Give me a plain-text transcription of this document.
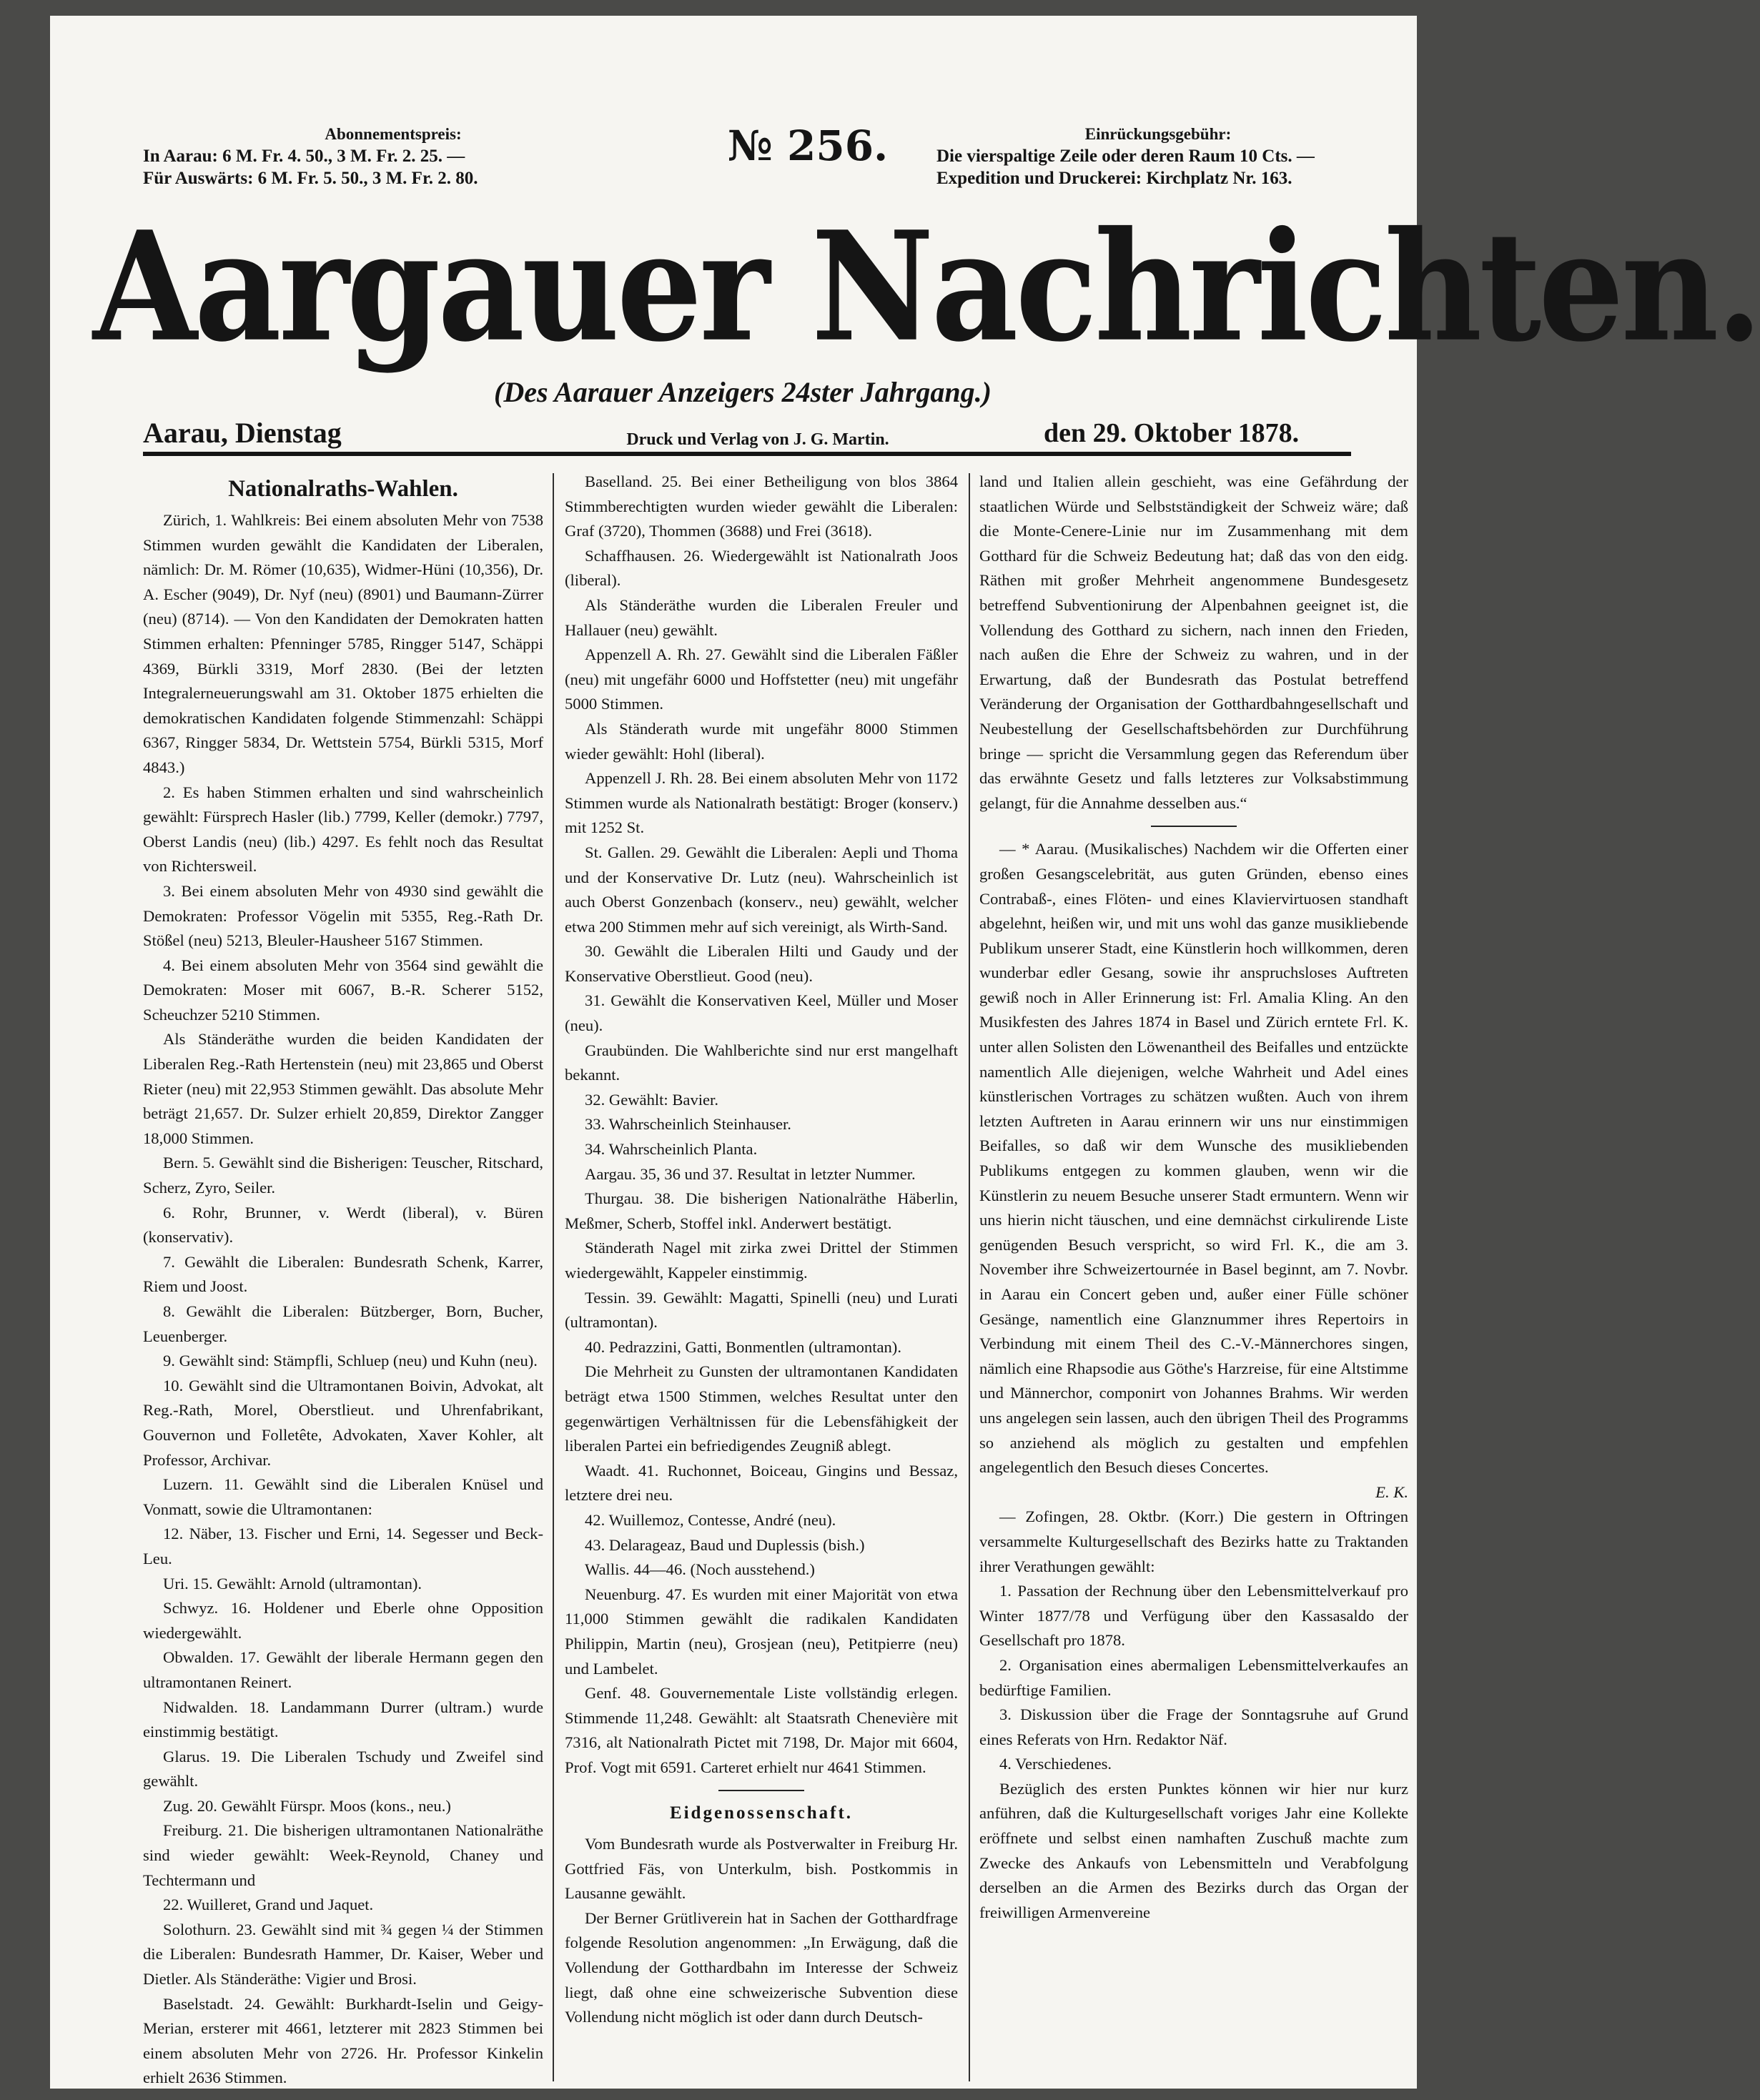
Abonnementspreis:
In Aarau: 6 M. Fr. 4. 50., 3 M. Fr. 2. 25. —
Für Auswärts: 6 M. Fr. 5. 50., 3 M. Fr. 2. 80.
№ 256.	Einrückungsgebühr:
Die vierspaltige Zeile oder deren Raum 10 Cts. —
Expedition und Druckerei: Kirchplatz Nr. 163.
Aargauer Nachrichten.
(Des Aarauer Anzeigers 24ster Jahrgang.)
Aarau, Dienstag	Druck und Verlag von J. G. Martin.	den 29. Oktober 1878.
Nationalraths-Wahlen.

Zürich, 1. Wahlkreis: Bei einem absoluten Mehr von 7538 Stimmen wurden gewählt die Kandidaten der Liberalen, nämlich: Dr. M. Römer (10,635), Widmer-Hüni (10,356), Dr. A. Escher (9049), Dr. Nyf (neu) (8901) und Baumann-Zürrer (neu) (8714). — Von den Kandidaten der Demokraten hatten Stimmen erhalten: Pfenninger 5785, Ringger 5147, Schäppi 4369, Bürkli 3319, Morf 2830. (Bei der letzten Integralerneuerungswahl am 31. Oktober 1875 erhielten die demokratischen Kandidaten folgende Stimmenzahl: Schäppi 6367, Ringger 5834, Dr. Wettstein 5754, Bürkli 5315, Morf 4843.)

2. Es haben Stimmen erhalten und sind wahrscheinlich gewählt: Fürsprech Hasler (lib.) 7799, Keller (demokr.) 7797, Oberst Landis (neu) (lib.) 4297. Es fehlt noch das Resultat von Richtersweil.

3. Bei einem absoluten Mehr von 4930 sind gewählt die Demokraten: Professor Vögelin mit 5355, Reg.-Rath Dr. Stößel (neu) 5213, Bleuler-Hausheer 5167 Stimmen.

4. Bei einem absoluten Mehr von 3564 sind gewählt die Demokraten: Moser mit 6067, B.-R. Scherer 5152, Scheuchzer 5210 Stimmen.

Als Ständeräthe wurden die beiden Kandidaten der Liberalen Reg.-Rath Hertenstein (neu) mit 23,865 und Oberst Rieter (neu) mit 22,953 Stimmen gewählt. Das absolute Mehr beträgt 21,657. Dr. Sulzer erhielt 20,859, Direktor Zangger 18,000 Stimmen.

Bern. 5. Gewählt sind die Bisherigen: Teuscher, Ritschard, Scherz, Zyro, Seiler.

6. Rohr, Brunner, v. Werdt (liberal), v. Büren (konservativ).

7. Gewählt die Liberalen: Bundesrath Schenk, Karrer, Riem und Joost.

8. Gewählt die Liberalen: Bützberger, Born, Bucher, Leuenberger.

9. Gewählt sind: Stämpfli, Schluep (neu) und Kuhn (neu).

10. Gewählt sind die Ultramontanen Boivin, Advokat, alt Reg.-Rath, Morel, Oberstlieut. und Uhrenfabrikant, Gouvernon und Folletête, Advokaten, Xaver Kohler, alt Professor, Archivar.

Luzern. 11. Gewählt sind die Liberalen Knüsel und Vonmatt, sowie die Ultramontanen:

12. Näber, 13. Fischer und Erni, 14. Segesser und Beck-Leu.

Uri. 15. Gewählt: Arnold (ultramontan).

Schwyz. 16. Holdener und Eberle ohne Opposition wiedergewählt.

Obwalden. 17. Gewählt der liberale Hermann gegen den ultramontanen Reinert.

Nidwalden. 18. Landammann Durrer (ultram.) wurde einstimmig bestätigt.

Glarus. 19. Die Liberalen Tschudy und Zweifel sind gewählt.

Zug. 20. Gewählt Fürspr. Moos (kons., neu.)

Freiburg. 21. Die bisherigen ultramontanen Nationalräthe sind wieder gewählt: Week-Reynold, Chaney und Techtermann und

22. Wuilleret, Grand und Jaquet.

Solothurn. 23. Gewählt sind mit ¾ gegen ¼ der Stimmen die Liberalen: Bundesrath Hammer, Dr. Kaiser, Weber und Dietler. Als Ständeräthe: Vigier und Brosi.

Baselstadt. 24. Gewählt: Burkhardt-Iselin und Geigy-Merian, ersterer mit 4661, letzterer mit 2823 Stimmen bei einem absoluten Mehr von 2726. Hr. Professor Kinkelin erhielt 2636 Stimmen.

Baselland. 25. Bei einer Betheiligung von blos 3864 Stimmberechtigten wurden wieder gewählt die Liberalen: Graf (3720), Thommen (3688) und Frei (3618).

Schaffhausen. 26. Wiedergewählt ist Nationalrath Joos (liberal).

Als Ständeräthe wurden die Liberalen Freuler und Hallauer (neu) gewählt.

Appenzell A. Rh. 27. Gewählt sind die Liberalen Fäßler (neu) mit ungefähr 6000 und Hoffstetter (neu) mit ungefähr 5000 Stimmen.

Als Ständerath wurde mit ungefähr 8000 Stimmen wieder gewählt: Hohl (liberal).

Appenzell J. Rh. 28. Bei einem absoluten Mehr von 1172 Stimmen wurde als Nationalrath bestätigt: Broger (konserv.) mit 1252 St.

St. Gallen. 29. Gewählt die Liberalen: Aepli und Thoma und der Konservative Dr. Lutz (neu). Wahrscheinlich ist auch Oberst Gonzenbach (konserv., neu) gewählt, welcher etwa 200 Stimmen mehr auf sich vereinigt, als Wirth-Sand.

30. Gewählt die Liberalen Hilti und Gaudy und der Konservative Oberstlieut. Good (neu).

31. Gewählt die Konservativen Keel, Müller und Moser (neu).

Graubünden. Die Wahlberichte sind nur erst mangelhaft bekannt.

32. Gewählt: Bavier.

33. Wahrscheinlich Steinhauser.

34. Wahrscheinlich Planta.

Aargau. 35, 36 und 37. Resultat in letzter Nummer.

Thurgau. 38. Die bisherigen Nationalräthe Häberlin, Meßmer, Scherb, Stoffel inkl. Anderwert bestätigt.

Ständerath Nagel mit zirka zwei Drittel der Stimmen wiedergewählt, Kappeler einstimmig.

Tessin. 39. Gewählt: Magatti, Spinelli (neu) und Lurati (ultramontan).

40. Pedrazzini, Gatti, Bonmentlen (ultramontan).

Die Mehrheit zu Gunsten der ultramontanen Kandidaten beträgt etwa 1500 Stimmen, welches Resultat unter den gegenwärtigen Verhältnissen für die Lebensfähigkeit der liberalen Partei ein befriedigendes Zeugniß ablegt.

Waadt. 41. Ruchonnet, Boiceau, Gingins und Bessaz, letztere drei neu.

42. Wuillemoz, Contesse, André (neu).

43. Delarageaz, Baud und Duplessis (bish.)

Wallis. 44—46. (Noch ausstehend.)

Neuenburg. 47. Es wurden mit einer Majorität von etwa 11,000 Stimmen gewählt die radikalen Kandidaten Philippin, Martin (neu), Grosjean (neu), Petitpierre (neu) und Lambelet.

Genf. 48. Gouvernementale Liste vollständig erlegen. Stimmende 11,248. Gewählt: alt Staatsrath Chenevière mit 7316, alt Nationalrath Pictet mit 7198, Dr. Major mit 6604, Prof. Vogt mit 6591. Carteret erhielt nur 4641 Stimmen.

Eidgenossenschaft.

Vom Bundesrath wurde als Postverwalter in Freiburg Hr. Gottfried Fäs, von Unterkulm, bish. Postkommis in Lausanne gewählt.

Der Berner Grütliverein hat in Sachen der Gotthardfrage folgende Resolution angenommen: „In Erwägung, daß die Vollendung der Gotthardbahn im Interesse der Schweiz liegt, daß ohne eine schweizerische Subvention diese Vollendung nicht möglich ist oder dann durch Deutsch-

land und Italien allein geschieht, was eine Gefährdung der staatlichen Würde und Selbstständigkeit der Schweiz wäre; daß die Monte-Cenere-Linie nur im Zusammenhang mit dem Gotthard für die Schweiz Bedeutung hat; daß das von den eidg. Räthen mit großer Mehrheit angenommene Bundesgesetz betreffend Subventionirung der Alpenbahnen geeignet ist, die Vollendung des Gotthard zu sichern, nach innen den Frieden, nach außen die Ehre der Schweiz zu wahren, und in der Erwartung, daß der Bundesrath das Postulat betreffend Veränderung der Organisation der Gotthardbahngesellschaft und Neubestellung der Gesellschaftsbehörden zur Durchführung bringe — spricht die Versammlung gegen das Referendum über das erwähnte Gesetz und falls letzteres zur Volksabstimmung gelangt, für die Annahme desselben aus.“

— * Aarau. (Musikalisches) Nachdem wir die Offerten einer großen Gesangscelebrität, aus guten Gründen, ebenso eines Contrabaß-, eines Flöten- und eines Klaviervirtuosen standhaft abgelehnt, heißen wir, und mit uns wohl das ganze musikliebende Publikum unserer Stadt, eine Künstlerin hoch willkommen, deren wunderbar edler Gesang, sowie ihr anspruchsloses Auftreten gewiß noch in Aller Erinnerung ist: Frl. Amalia Kling. An den Musikfesten des Jahres 1874 in Basel und Zürich erntete Frl. K. unter allen Solisten den Löwenantheil des Beifalles und entzückte namentlich Alle diejenigen, welche Wahrheit und Adel eines künstlerischen Vortrages zu schätzen wußten. Auch von ihrem letzten Auftreten in Aarau erinnern wir uns nur einstimmigen Beifalles, so daß wir dem Wunsche des musikliebenden Publikums entgegen zu kommen glauben, wenn wir die Künstlerin zu neuem Besuche unserer Stadt ermuntern. Wenn wir uns hierin nicht täuschen, und eine demnächst cirkulirende Liste genügenden Besuch verspricht, so wird Frl. K., die am 3. November ihre Schweizertournée in Basel beginnt, am 7. Novbr. in Aarau ein Concert geben und, außer einer Fülle schöner Gesänge, namentlich eine Glanznummer ihres Repertoirs in Verbindung mit einem Theil des C.-V.-Männerchores singen, nämlich eine Rhapsodie aus Göthe's Harzreise, für eine Altstimme und Männerchor, componirt von Johannes Brahms. Wir werden uns angelegen sein lassen, auch den übrigen Theil des Programms so anziehend als möglich zu gestalten und empfehlen angelegentlich den Besuch dieses Concertes.

E. K.

— Zofingen, 28. Oktbr. (Korr.) Die gestern in Oftringen versammelte Kulturgesellschaft des Bezirks hatte zu Traktanden ihrer Verathungen gewählt:

1. Passation der Rechnung über den Lebensmittelverkauf pro Winter 1877/78 und Verfügung über den Kassasaldo der Gesellschaft pro 1878.

2. Organisation eines abermaligen Lebensmittelverkaufes an bedürftige Familien.

3. Diskussion über die Frage der Sonntagsruhe auf Grund eines Referats von Hrn. Redaktor Näf.

4. Verschiedenes.

Bezüglich des ersten Punktes können wir hier nur kurz anführen, daß die Kulturgesellschaft voriges Jahr eine Kollekte eröffnete und selbst einen namhaften Zuschuß machte zum Zwecke des Ankaufs von Lebensmitteln und Verabfolgung derselben an die Armen des Bezirks durch das Organ der freiwilligen Armenvereine
